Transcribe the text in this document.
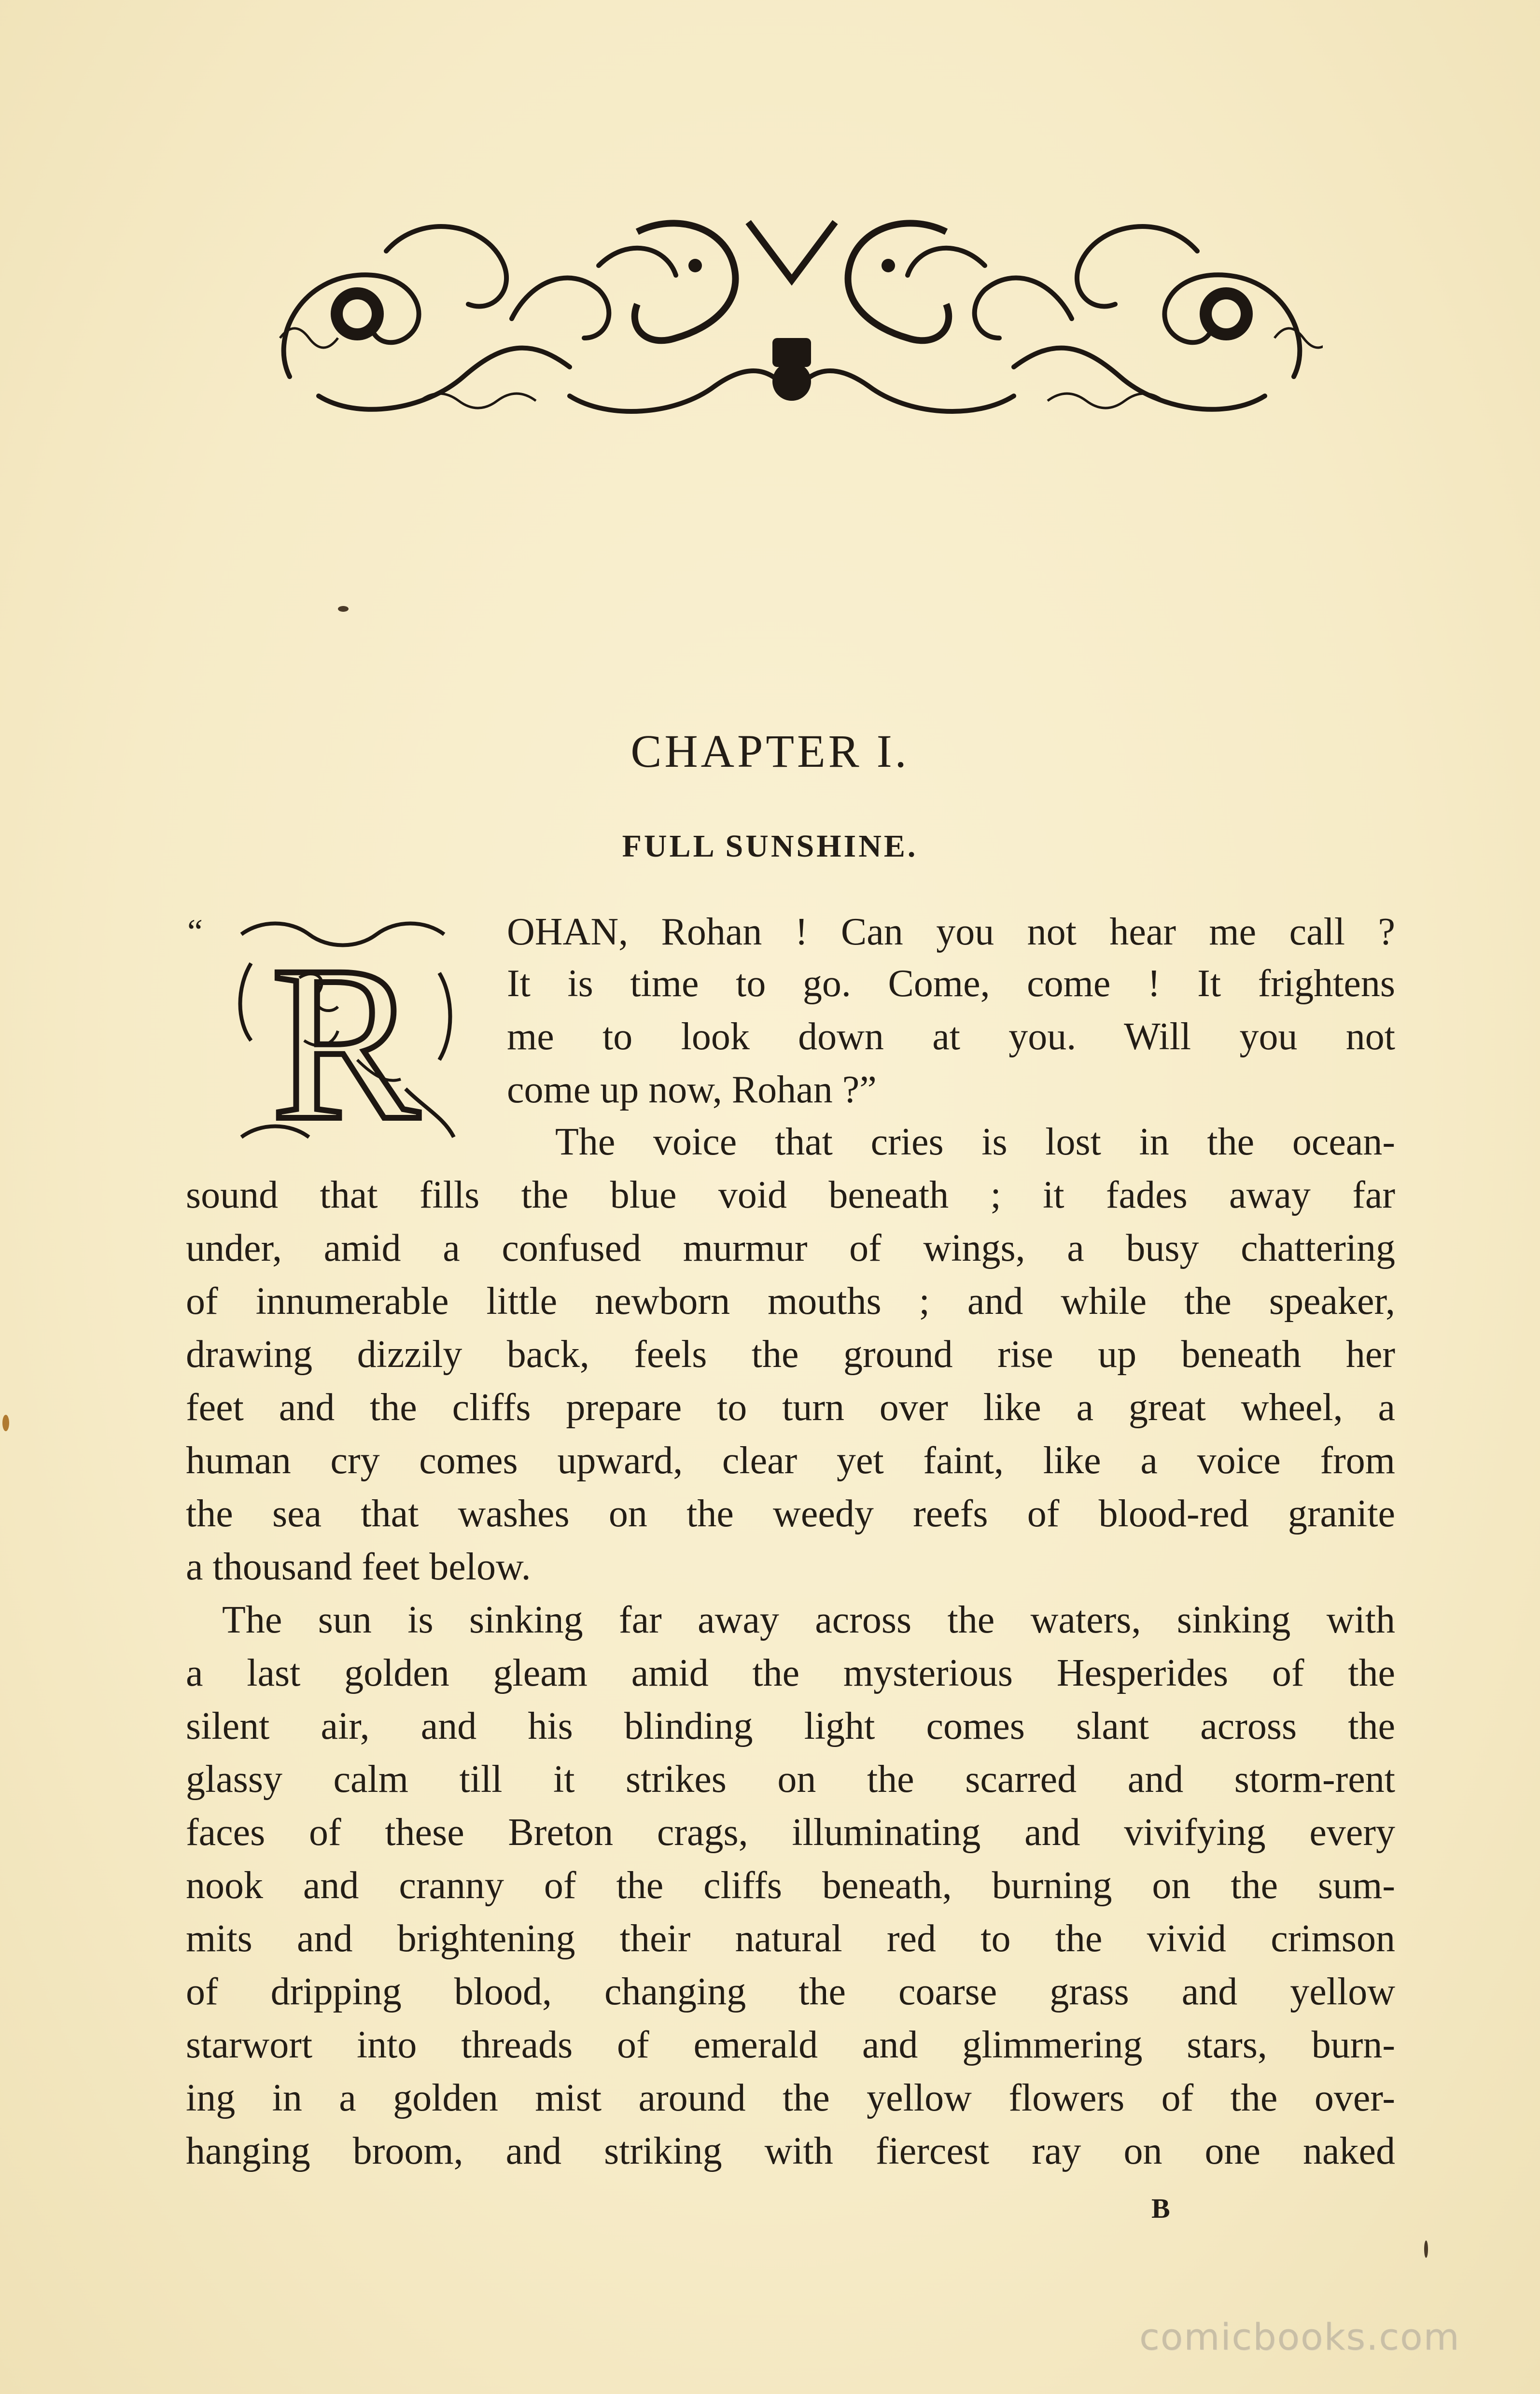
CHAPTER I.
FULL SUNSHINE.
“ R OHAN, Rohan ! Can you not hear me call ?
It is time to go. Come, come ! It frightens
me to look down at you. Will you not
come up now, Rohan ?”
The voice that cries is lost in the ocean-
sound that fills the blue void beneath ; it fades away far
under, amid a confused murmur of wings, a busy chattering
of innumerable little newborn mouths ; and while the speaker,
drawing dizzily back, feels the ground rise up beneath her
feet and the cliffs prepare to turn over like a great wheel, a
human cry comes upward, clear yet faint, like a voice from
the sea that washes on the weedy reefs of blood-red granite
a thousand feet below.
The sun is sinking far away across the waters, sinking with
a last golden gleam amid the mysterious Hesperides of the
silent air, and his blinding light comes slant across the
glassy calm till it strikes on the scarred and storm-rent
faces of these Breton crags, illuminating and vivifying every
nook and cranny of the cliffs beneath, burning on the sum-
mits and brightening their natural red to the vivid crimson
of dripping blood, changing the coarse grass and yellow
starwort into threads of emerald and glimmering stars, burn-
ing in a golden mist around the yellow flowers of the over-
hanging broom, and striking with fiercest ray on one naked
B
comicbooks.com
